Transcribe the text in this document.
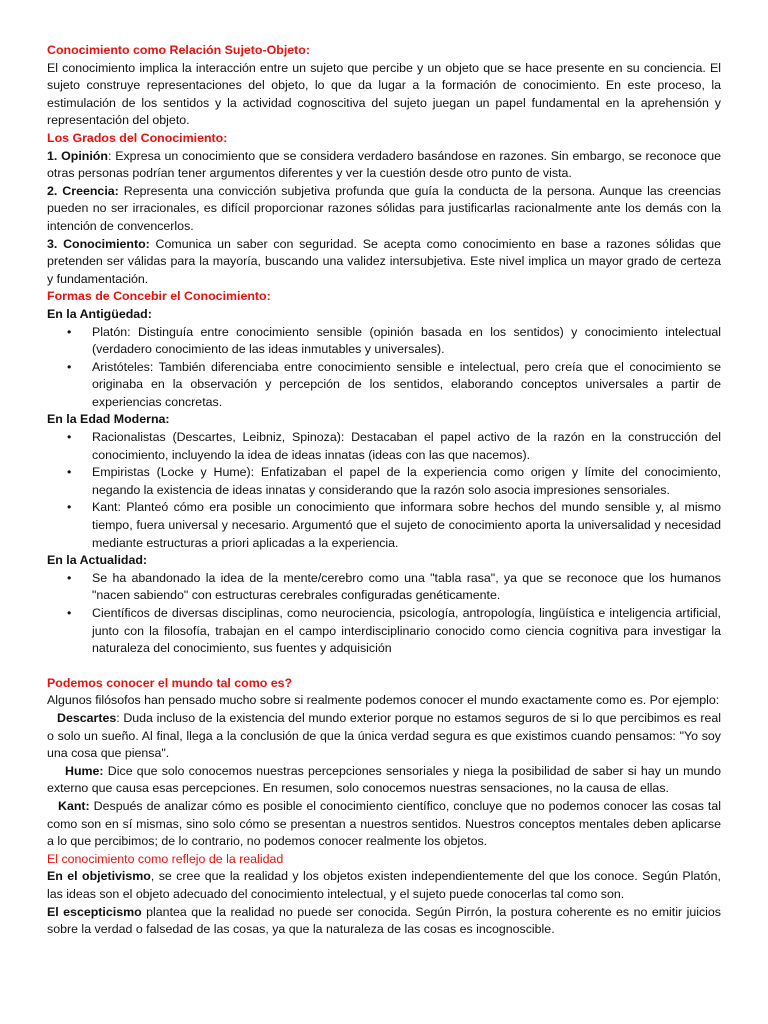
Conocimiento como Relación Sujeto-Objeto:

El conocimiento implica la interacción entre un sujeto que percibe y un objeto que se hace presente en su conciencia. El sujeto construye representaciones del objeto, lo que da lugar a la formación de conocimiento. En este proceso, la estimulación de los sentidos y la actividad cognoscitiva del sujeto juegan un papel fundamental en la aprehensión y representación del objeto.

Los Grados del Conocimiento:

1. Opinión: Expresa un conocimiento que se considera verdadero basándose en razones. Sin embargo, se reconoce que otras personas podrían tener argumentos diferentes y ver la cuestión desde otro punto de vista.

2. Creencia: Representa una convicción subjetiva profunda que guía la conducta de la persona. Aunque las creencias pueden no ser irracionales, es difícil proporcionar razones sólidas para justificarlas racionalmente ante los demás con la intención de convencerlos.

3. Conocimiento: Comunica un saber con seguridad. Se acepta como conocimiento en base a razones sólidas que pretenden ser válidas para la mayoría, buscando una validez intersubjetiva. Este nivel implica un mayor grado de certeza y fundamentación.

Formas de Concebir el Conocimiento:

En la Antigüedad:

• Platón: Distinguía entre conocimiento sensible (opinión basada en los sentidos) y conocimiento intelectual (verdadero conocimiento de las ideas inmutables y universales).
• Aristóteles: También diferenciaba entre conocimiento sensible e intelectual, pero creía que el conocimiento se originaba en la observación y percepción de los sentidos, elaborando conceptos universales a partir de experiencias concretas.

En la Edad Moderna:

• Racionalistas (Descartes, Leibniz, Spinoza): Destacaban el papel activo de la razón en la construcción del conocimiento, incluyendo la idea de ideas innatas (ideas con las que nacemos).
• Empiristas (Locke y Hume): Enfatizaban el papel de la experiencia como origen y límite del conocimiento, negando la existencia de ideas innatas y considerando que la razón solo asocia impresiones sensoriales.
• Kant: Planteó cómo era posible un conocimiento que informara sobre hechos del mundo sensible y, al mismo tiempo, fuera universal y necesario. Argumentó que el sujeto de conocimiento aporta la universalidad y necesidad mediante estructuras a priori aplicadas a la experiencia.

En la Actualidad:

• Se ha abandonado la idea de la mente/cerebro como una "tabla rasa", ya que se reconoce que los humanos "nacen sabiendo" con estructuras cerebrales configuradas genéticamente.
• Científicos de diversas disciplinas, como neurociencia, psicología, antropología, lingüística e inteligencia artificial, junto con la filosofía, trabajan en el campo interdisciplinario conocido como ciencia cognitiva para investigar la naturaleza del conocimiento, sus fuentes y adquisición

Podemos conocer el mundo tal como es?

Algunos filósofos han pensado mucho sobre si realmente podemos conocer el mundo exactamente como es. Por ejemplo:

Descartes: Duda incluso de la existencia del mundo exterior porque no estamos seguros de si lo que percibimos es real o solo un sueño. Al final, llega a la conclusión de que la única verdad segura es que existimos cuando pensamos: "Yo soy una cosa que piensa".

Hume: Dice que solo conocemos nuestras percepciones sensoriales y niega la posibilidad de saber si hay un mundo externo que causa esas percepciones. En resumen, solo conocemos nuestras sensaciones, no la causa de ellas.

Kant: Después de analizar cómo es posible el conocimiento científico, concluye que no podemos conocer las cosas tal como son en sí mismas, sino solo cómo se presentan a nuestros sentidos. Nuestros conceptos mentales deben aplicarse a lo que percibimos; de lo contrario, no podemos conocer realmente los objetos.

El conocimiento como reflejo de la realidad

En el objetivismo, se cree que la realidad y los objetos existen independientemente del que los conoce. Según Platón, las ideas son el objeto adecuado del conocimiento intelectual, y el sujeto puede conocerlas tal como son.

El escepticismo plantea que la realidad no puede ser conocida. Según Pirrón, la postura coherente es no emitir juicios sobre la verdad o falsedad de las cosas, ya que la naturaleza de las cosas es incognoscible.
